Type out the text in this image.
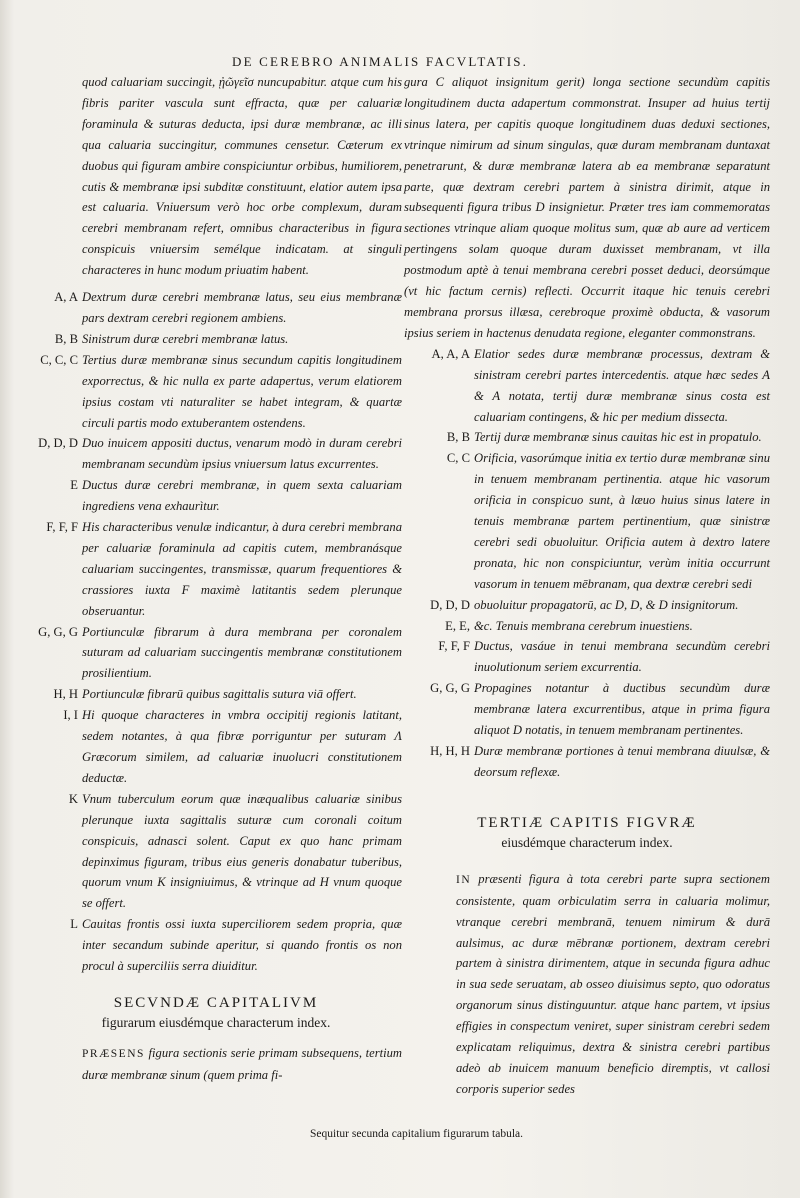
DE CEREBRO ANIMALIS FACVLTATIS.

quod caluariam succingit, ᾐῶγεῖσ nuncupabitur. atque cum his fibris pariter vascula sunt effracta, quæ per caluariæ foraminula & suturas deducta, ipsi duræ membranæ, ac illi qua caluaria succingitur, communes censetur. Cæterum ex duobus qui figuram ambire conspiciuntur orbibus, humiliorem, cutis & membranæ ipsi subditæ constituunt, elatior autem ipsa est caluaria. Vniuersum verò hoc orbe complexum, duram cerebri membranam refert, omnibus characteribus in figura conspicuis vniuersim semélque indicatam. at singuli characteres in hunc modum priuatim habent.

A, A Dextrum duræ cerebri membranæ latus, seu eius membranæ pars dextram cerebri regionem ambiens.

B, B Sinistrum duræ cerebri membranæ latus.

C, C, C Tertius duræ membranæ sinus secundum capitis longitudinem exporrectus, & hic nulla ex parte adapertus, verum elatiorem ipsius costam vti naturaliter se habet integram, & quartæ circuli partis modo extuberantem ostendens.

D, D, D Duo inuicem appositi ductus, venarum modò in duram cerebri membranam secundùm ipsius vniuersum latus excurrentes.

E Ductus duræ cerebri membranæ, in quem sexta caluariam ingrediens vena exhaurìtur.

F, F, F His characteribus venulæ indicantur, à dura cerebri membrana per caluariæ foraminula ad capitis cutem, membranásque caluariam succingentes, transmissæ, quarum frequentiores & crassiores iuxta F maximè latitantis sedem plerunque obseruantur.

G, G, G Portiunculæ fibrarum à dura membrana per coronalem suturam ad caluariam succingentis membranæ constitutionem prosilientium.

H, H Portiunculæ fibrarū quibus sagittalis sutura viā offert.

I, I Hi quoque characteres in vmbra occipitij regionis latitant, sedem notantes, à qua fibræ porriguntur per suturam Λ Græcorum similem, ad caluariæ inuolucri constitutionem deductæ.

K Vnum tuberculum eorum quæ inæqualibus caluariæ sinibus plerunque iuxta sagittalis suturæ cum coronali coitum conspicuis, adnasci solent. Caput ex quo hanc primam depinximus figuram, tribus eius generis donabatur tuberibus, quorum vnum K insigniuimus, & vtrinque ad H vnum quoque se offert.

L Cauitas frontis ossi iuxta superciliorem sedem propria, quæ inter secandum subinde aperitur, si quando frontis os non procul à superciliis serra diuiditur.

SECVNDÆ CAPITALIVM
figurarum eiusdémque characterum index.

PRÆSENS figura sectionis serie primam subsequens, tertium duræ membranæ sinum (quem prima fi-

gura C aliquot insignitum gerit) longa sectione secundùm capitis longitudinem ducta adapertum commonstrat. Insuper ad huius tertij sinus latera, per capitis quoque longitudinem duas deduxi sectiones, vtrinque nimirum ad sinum singulas, quæ duram membranam duntaxat penetrarunt, & duræ membranæ latera ab ea membranæ separatunt parte, quæ dextram cerebri partem à sinistra dirimit, atque in subsequenti figura tribus D insignietur. Præter tres iam commemoratas sectiones vtrinque aliam quoque molitus sum, quæ ab aure ad verticem pertingens solam quoque duram duxisset membranam, vt illa postmodum aptè à tenui membrana cerebri posset deduci, deorsúmque (vt hic factum cernis) reflecti. Occurrit itaque hic tenuis cerebri membrana prorsus illæsa, cerebroque proximè obducta, & vasorum ipsius seriem in hactenus denudata regione, eleganter commonstrans.

A, A, A Elatior sedes duræ membranæ processus, dextram & sinistram cerebri partes intercedentis. atque hæc sedes A & A notata, tertij duræ membranæ sinus costa est caluariam contingens, & hic per medium dissecta.

B, B Tertij duræ membranæ sinus cauitas hic est in propatulo.

C, C Orificia, vasorúmque initia ex tertio duræ membranæ sinu in tenuem membranam pertinentia. atque hic vasorum orificia in conspicuo sunt, à læuo huius sinus latere in tenuis membranæ partem pertinentium, quæ sinistræ cerebri sedi obuoluitur. Orificia autem à dextro latere pronata, hic non conspiciuntur, verùm initia occurrunt vasorum in tenuem mēbranam, qua dextræ cerebri sedi

D, D, D obuoluitur propagatorū, ac D, D, & D insignitorum.

E, E, &c. Tenuis membrana cerebrum inuestiens.

F, F, F Ductus, vasáue in tenui membrana secundùm cerebri inuolutionum seriem excurrentia.

G, G, G Propagines notantur à ductibus secundùm duræ membranæ latera excurrentibus, atque in prima figura aliquot D notatis, in tenuem membranam pertinentes.

H, H, H Duræ membranæ portiones à tenui membrana diuulsæ, & deorsum reflexæ.

TERTIÆ CAPITIS FIGVRÆ
eiusdémque characterum index.

IN præsenti figura à tota cerebri parte supra sectionem consistente, quam orbiculatim serra in caluaria molimur, vtranque cerebri membranā, tenuem nimirum & durā aulsimus, ac duræ mēbranæ portionem, dextram cerebri partem à sinistra dirimentem, atque in secunda figura adhuc in sua sede seruatam, ab osseo diuisimus septo, quo odoratus organorum sinus distinguuntur. atque hanc partem, vt ipsius effigies in conspectum veniret, super sinistram cerebri sedem explicatam reliquimus, dextra & sinistra cerebri partibus adeò ab inuicem manuum beneficio diremptis, vt callosi corporis superior sedes

Sequitur secunda capitalium figurarum tabula.
